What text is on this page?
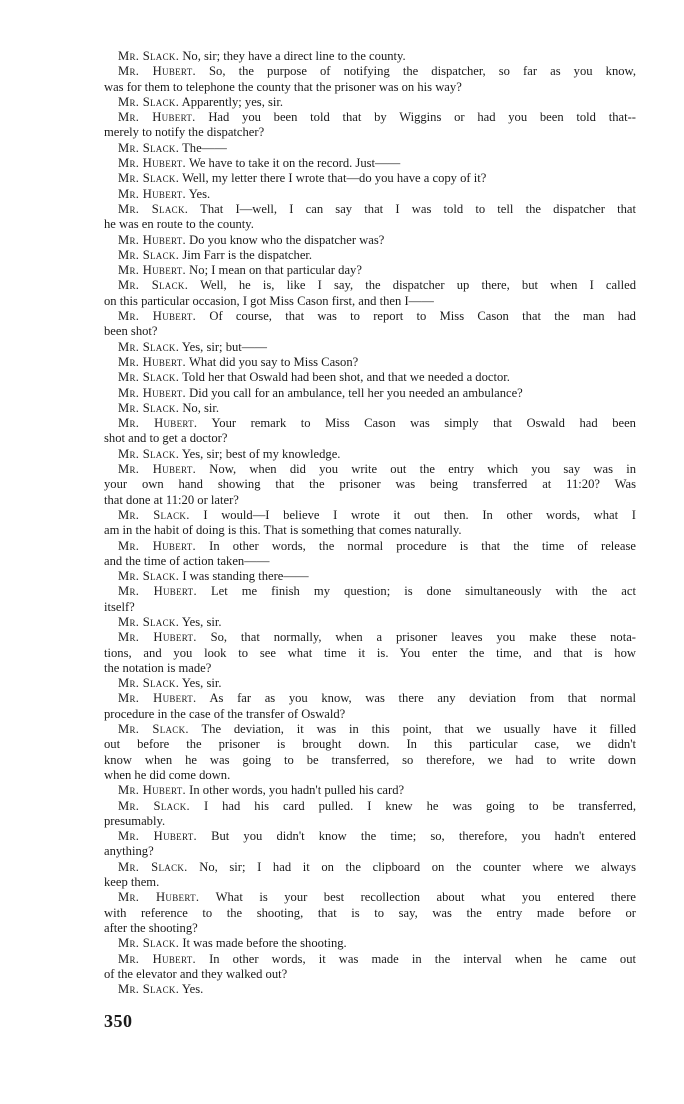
Mr. Slack. No, sir; they have a direct line to the county.
Mr. Hubert. So, the purpose of notifying the dispatcher, so far as you know,
was for them to telephone the county that the prisoner was on his way?
Mr. Slack. Apparently; yes, sir.
Mr. Hubert. Had you been told that by Wiggins or had you been told that--
merely to notify the dispatcher?
Mr. Slack. The——
Mr. Hubert. We have to take it on the record. Just——
Mr. Slack. Well, my letter there I wrote that—do you have a copy of it?
Mr. Hubert. Yes.
Mr. Slack. That I—well, I can say that I was told to tell the dispatcher that
he was en route to the county.
Mr. Hubert. Do you know who the dispatcher was?
Mr. Slack. Jim Farr is the dispatcher.
Mr. Hubert. No; I mean on that particular day?
Mr. Slack. Well, he is, like I say, the dispatcher up there, but when I called
on this particular occasion, I got Miss Cason first, and then I——
Mr. Hubert. Of course, that was to report to Miss Cason that the man had
been shot?
Mr. Slack. Yes, sir; but——
Mr. Hubert. What did you say to Miss Cason?
Mr. Slack. Told her that Oswald had been shot, and that we needed a doctor.
Mr. Hubert. Did you call for an ambulance, tell her you needed an ambulance?
Mr. Slack. No, sir.
Mr. Hubert. Your remark to Miss Cason was simply that Oswald had been
shot and to get a doctor?
Mr. Slack. Yes, sir; best of my knowledge.
Mr. Hubert. Now, when did you write out the entry which you say was in
your own hand showing that the prisoner was being transferred at 11:20? Was
that done at 11:20 or later?
Mr. Slack. I would—I believe I wrote it out then. In other words, what I
am in the habit of doing is this. That is something that comes naturally.
Mr. Hubert. In other words, the normal procedure is that the time of release
and the time of action taken——
Mr. Slack. I was standing there——
Mr. Hubert. Let me finish my question; is done simultaneously with the act
itself?
Mr. Slack. Yes, sir.
Mr. Hubert. So, that normally, when a prisoner leaves you make these nota-
tions, and you look to see what time it is. You enter the time, and that is how
the notation is made?
Mr. Slack. Yes, sir.
Mr. Hubert. As far as you know, was there any deviation from that normal
procedure in the case of the transfer of Oswald?
Mr. Slack. The deviation, it was in this point, that we usually have it filled
out before the prisoner is brought down. In this particular case, we didn't
know when he was going to be transferred, so therefore, we had to write down
when he did come down.
Mr. Hubert. In other words, you hadn't pulled his card?
Mr. Slack. I had his card pulled. I knew he was going to be transferred,
presumably.
Mr. Hubert. But you didn't know the time; so, therefore, you hadn't entered
anything?
Mr. Slack. No, sir; I had it on the clipboard on the counter where we always
keep them.
Mr. Hubert. What is your best recollection about what you entered there
with reference to the shooting, that is to say, was the entry made before or
after the shooting?
Mr. Slack. It was made before the shooting.
Mr. Hubert. In other words, it was made in the interval when he came out
of the elevator and they walked out?
Mr. Slack. Yes.
350
